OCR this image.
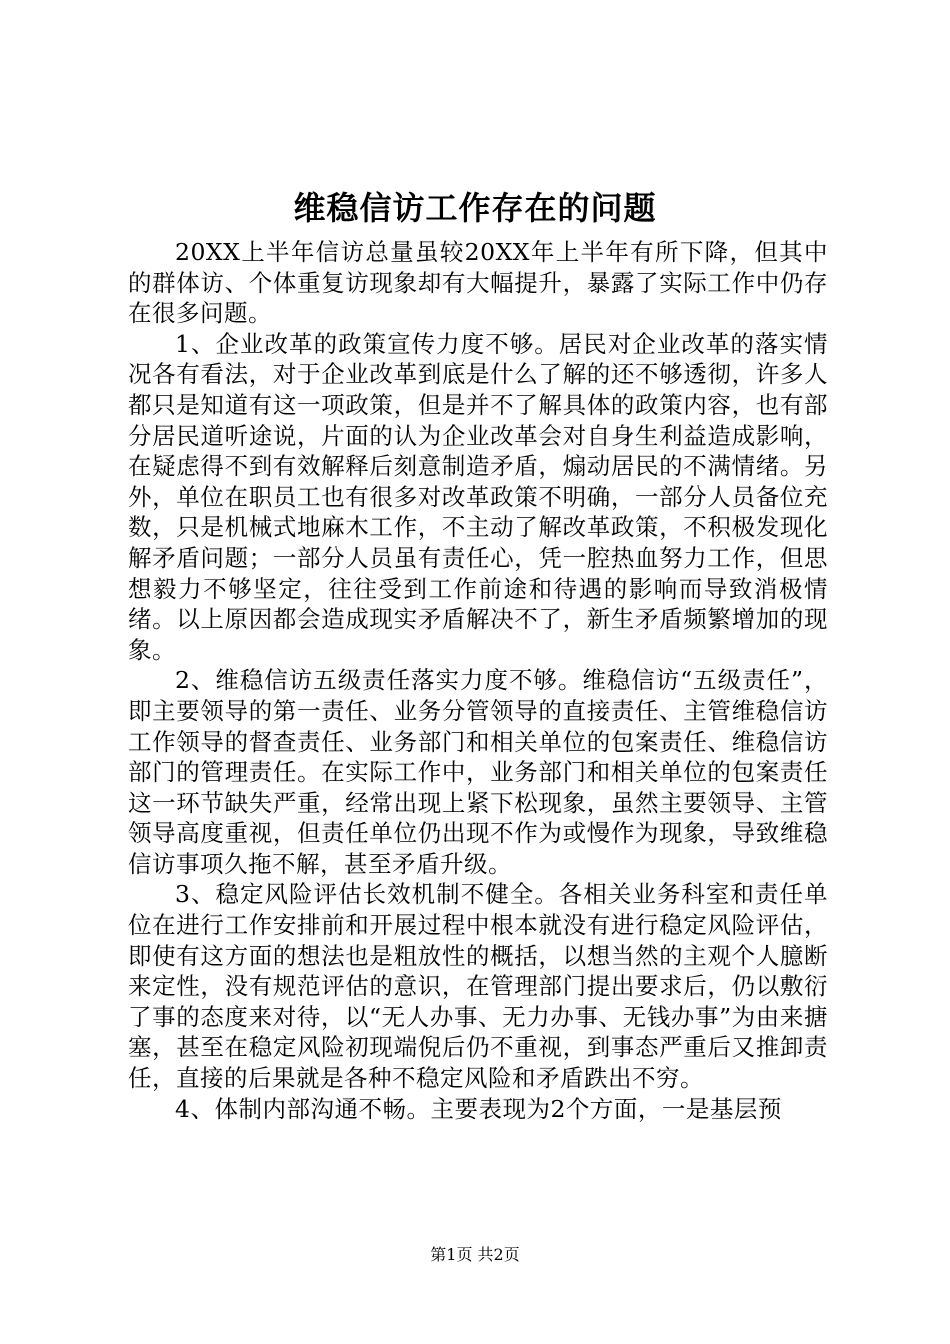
维稳信访工作存在的问题

20XX上半年信访总量虽较20XX年上半年有所下降，但其中的群体访、个体重复访现象却有大幅提升，暴露了实际工作中仍存在很多问题。

1、企业改革的政策宣传力度不够。居民对企业改革的落实情况各有看法，对于企业改革到底是什么了解的还不够透彻，许多人都只是知道有这一项政策，但是并不了解具体的政策内容，也有部分居民道听途说，片面的认为企业改革会对自身生利益造成影响，在疑虑得不到有效解释后刻意制造矛盾，煽动居民的不满情绪。另外，单位在职员工也有很多对改革政策不明确，一部分人员备位充数，只是机械式地麻木工作，不主动了解改革政策，不积极发现化解矛盾问题；一部分人员虽有责任心，凭一腔热血努力工作，但思想毅力不够坚定，往往受到工作前途和待遇的影响而导致消极情绪。以上原因都会造成现实矛盾解决不了，新生矛盾频繁增加的现象。

2、维稳信访五级责任落实力度不够。维稳信访“五级责任”，即主要领导的第一责任、业务分管领导的直接责任、主管维稳信访工作领导的督查责任、业务部门和相关单位的包案责任、维稳信访部门的管理责任。在实际工作中，业务部门和相关单位的包案责任这一环节缺失严重，经常出现上紧下松现象，虽然主要领导、主管领导高度重视，但责任单位仍出现不作为或慢作为现象，导致维稳信访事项久拖不解，甚至矛盾升级。

3、稳定风险评估长效机制不健全。各相关业务科室和责任单位在进行工作安排前和开展过程中根本就没有进行稳定风险评估，即使有这方面的想法也是粗放性的概括，以想当然的主观个人臆断来定性，没有规范评估的意识，在管理部门提出要求后，仍以敷衍了事的态度来对待，以“无人办事、无力办事、无钱办事”为由来搪塞，甚至在稳定风险初现端倪后仍不重视，到事态严重后又推卸责任，直接的后果就是各种不稳定风险和矛盾跌出不穷。

4、体制内部沟通不畅。主要表现为2个方面，一是基层预

第1页 共2页
